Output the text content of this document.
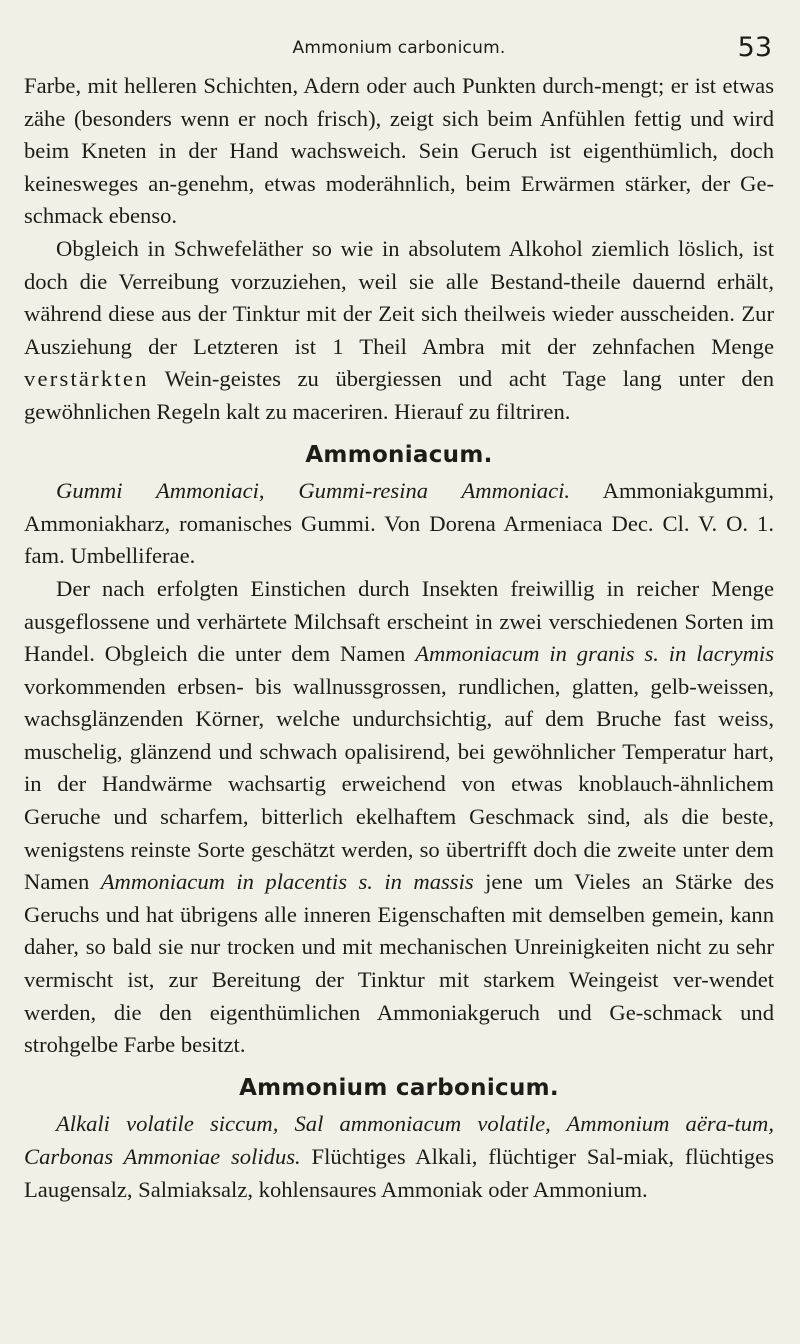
Ammonium carbonicum.	53

Farbe, mit helleren Schichten, Adern oder auch Punkten durch-mengt; er ist etwas zähe (besonders wenn er noch frisch), zeigt sich beim Anfühlen fettig und wird beim Kneten in der Hand wachsweich. Sein Geruch ist eigenthümlich, doch keinesweges an-genehm, etwas moderähnlich, beim Erwärmen stärker, der Ge-schmack ebenso.

Obgleich in Schwefeläther so wie in absolutem Alkohol ziemlich löslich, ist doch die Verreibung vorzuziehen, weil sie alle Bestand-theile dauernd erhält, während diese aus der Tinktur mit der Zeit sich theilweis wieder ausscheiden. Zur Ausziehung der Letzteren ist 1 Theil Ambra mit der zehnfachen Menge verstärkten Wein-geistes zu übergiessen und acht Tage lang unter den gewöhnlichen Regeln kalt zu maceriren. Hierauf zu filtriren.

Ammoniacum.

Gummi Ammoniaci, Gummi-resina Ammoniaci. Ammoniakgummi, Ammoniakharz, romanisches Gummi. Von Dorena Armeniaca Dec. Cl. V. O. 1. fam. Umbelliferae.

Der nach erfolgten Einstichen durch Insekten freiwillig in reicher Menge ausgeflossene und verhärtete Milchsaft erscheint in zwei verschiedenen Sorten im Handel. Obgleich die unter dem Namen Ammoniacum in granis s. in lacrymis vorkommenden erbsen- bis wallnussgrossen, rundlichen, glatten, gelb-weissen, wachsglänzenden Körner, welche undurchsichtig, auf dem Bruche fast weiss, muschelig, glänzend und schwach opalisirend, bei gewöhnlicher Temperatur hart, in der Handwärme wachsartig erweichend von etwas knoblauch-ähnlichem Geruche und scharfem, bitterlich ekelhaftem Geschmack sind, als die beste, wenigstens reinste Sorte geschätzt werden, so übertrifft doch die zweite unter dem Namen Ammoniacum in placentis s. in massis jene um Vieles an Stärke des Geruchs und hat übrigens alle inneren Eigenschaften mit demselben gemein, kann daher, so bald sie nur trocken und mit mechanischen Unreinigkeiten nicht zu sehr vermischt ist, zur Bereitung der Tinktur mit starkem Weingeist ver-wendet werden, die den eigenthümlichen Ammoniakgeruch und Ge-schmack und strohgelbe Farbe besitzt.

Ammonium carbonicum.

Alkali volatile siccum, Sal ammoniacum volatile, Ammonium aëra-tum, Carbonas Ammoniae solidus. Flüchtiges Alkali, flüchtiger Sal-miak, flüchtiges Laugensalz, Salmiaksalz, kohlensaures Ammoniak oder Ammonium.
